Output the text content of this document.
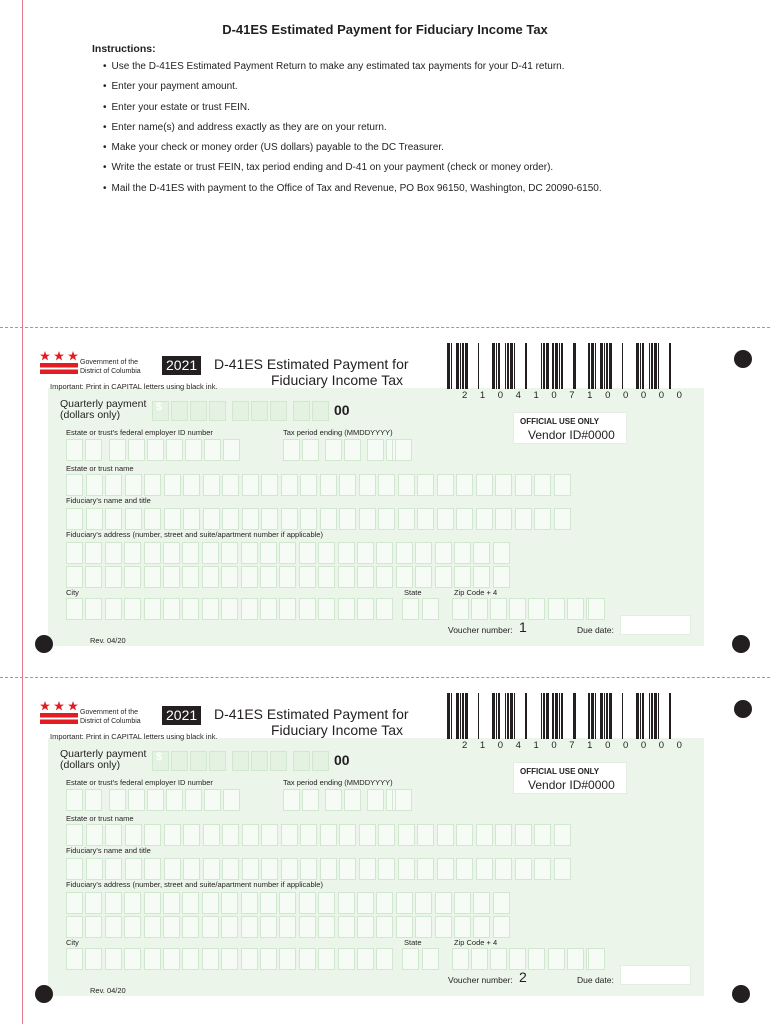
D-41ES Estimated Payment for Fiduciary Income Tax
Instructions:
• Use the D-41ES Estimated Payment Return to make any estimated tax payments for your D-41 return.
• Enter your payment amount.
• Enter your estate or trust FEIN.
• Enter name(s) and address exactly as they are on your return.
• Make your check or money order (US dollars) payable to the DC Treasurer.
• Write the estate or trust FEIN, tax period ending and D-41 on your payment (check or money order).
• Mail the D-41ES with payment to the Office of Tax and Revenue, PO Box 96150, Washington, DC 20090-6150.
Government of the
District of Columbia
Important: Print in CAPITAL letters using black ink.
2021 D-41ES Estimated Payment for
Fiduciary Income Tax
2104107100000
Quarterly payment
(dollars only)
$	00
Estate or trust's federal employer ID number	Tax period ending (MMDDYYYY)
OFFICIAL USE ONLY
Vendor ID#0000
Estate or trust name
Fiduciary's name and title
Fiduciary's address (number, street and suite/apartment number if applicable)
City	State	Zip Code + 4
Voucher number: 1	Due date:
Rev. 04/20
Government of the
District of Columbia
Important: Print in CAPITAL letters using black ink.
2021 D-41ES Estimated Payment for
Fiduciary Income Tax
2104107100000
Quarterly payment
(dollars only)
$	00
Estate or trust's federal employer ID number	Tax period ending (MMDDYYYY)
OFFICIAL USE ONLY
Vendor ID#0000
Estate or trust name
Fiduciary's name and title
Fiduciary's address (number, street and suite/apartment number if applicable)
City	State	Zip Code + 4
Voucher number: 2	Due date:
Rev. 04/20
